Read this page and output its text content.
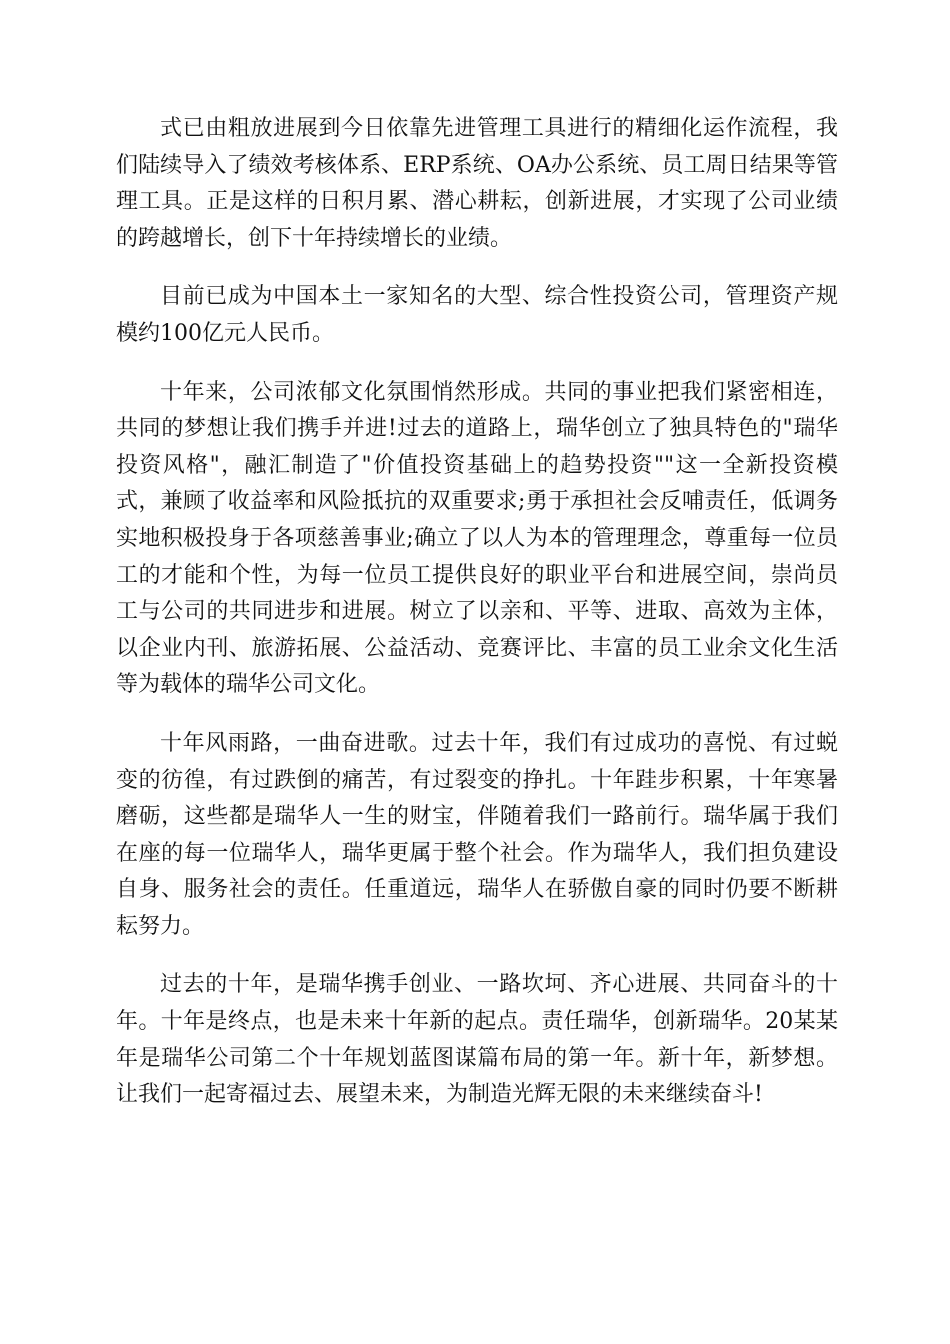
式已由粗放进展到今日依靠先进管理工具进行的精细化运作流程，我们陆续导入了绩效考核体系、ERP系统、OA办公系统、员工周日结果等管理工具。正是这样的日积月累、潜心耕耘，创新进展，才实现了公司业绩的跨越增长，创下十年持续增长的业绩。

目前已成为中国本土一家知名的大型、综合性投资公司，管理资产规模约100亿元人民币。

十年来，公司浓郁文化氛围悄然形成。共同的事业把我们紧密相连，共同的梦想让我们携手并进!过去的道路上，瑞华创立了独具特色的"瑞华投资风格"，融汇制造了"价值投资基础上的趋势投资""这一全新投资模式，兼顾了收益率和风险抵抗的双重要求;勇于承担社会反哺责任，低调务实地积极投身于各项慈善事业;确立了以人为本的管理理念，尊重每一位员工的才能和个性，为每一位员工提供良好的职业平台和进展空间，崇尚员工与公司的共同进步和进展。树立了以亲和、平等、进取、高效为主体，以企业内刊、旅游拓展、公益活动、竞赛评比、丰富的员工业余文化生活等为载体的瑞华公司文化。

十年风雨路，一曲奋进歌。过去十年，我们有过成功的喜悦、有过蜕变的彷徨，有过跌倒的痛苦，有过裂变的挣扎。十年跬步积累，十年寒暑磨砺，这些都是瑞华人一生的财宝，伴随着我们一路前行。瑞华属于我们在座的每一位瑞华人，瑞华更属于整个社会。作为瑞华人，我们担负建设自身、服务社会的责任。任重道远，瑞华人在骄傲自豪的同时仍要不断耕耘努力。

过去的十年，是瑞华携手创业、一路坎坷、齐心进展、共同奋斗的十年。十年是终点，也是未来十年新的起点。责任瑞华，创新瑞华。20某某年是瑞华公司第二个十年规划蓝图谋篇布局的第一年。新十年，新梦想。让我们一起寄福过去、展望未来，为制造光辉无限的未来继续奋斗!
